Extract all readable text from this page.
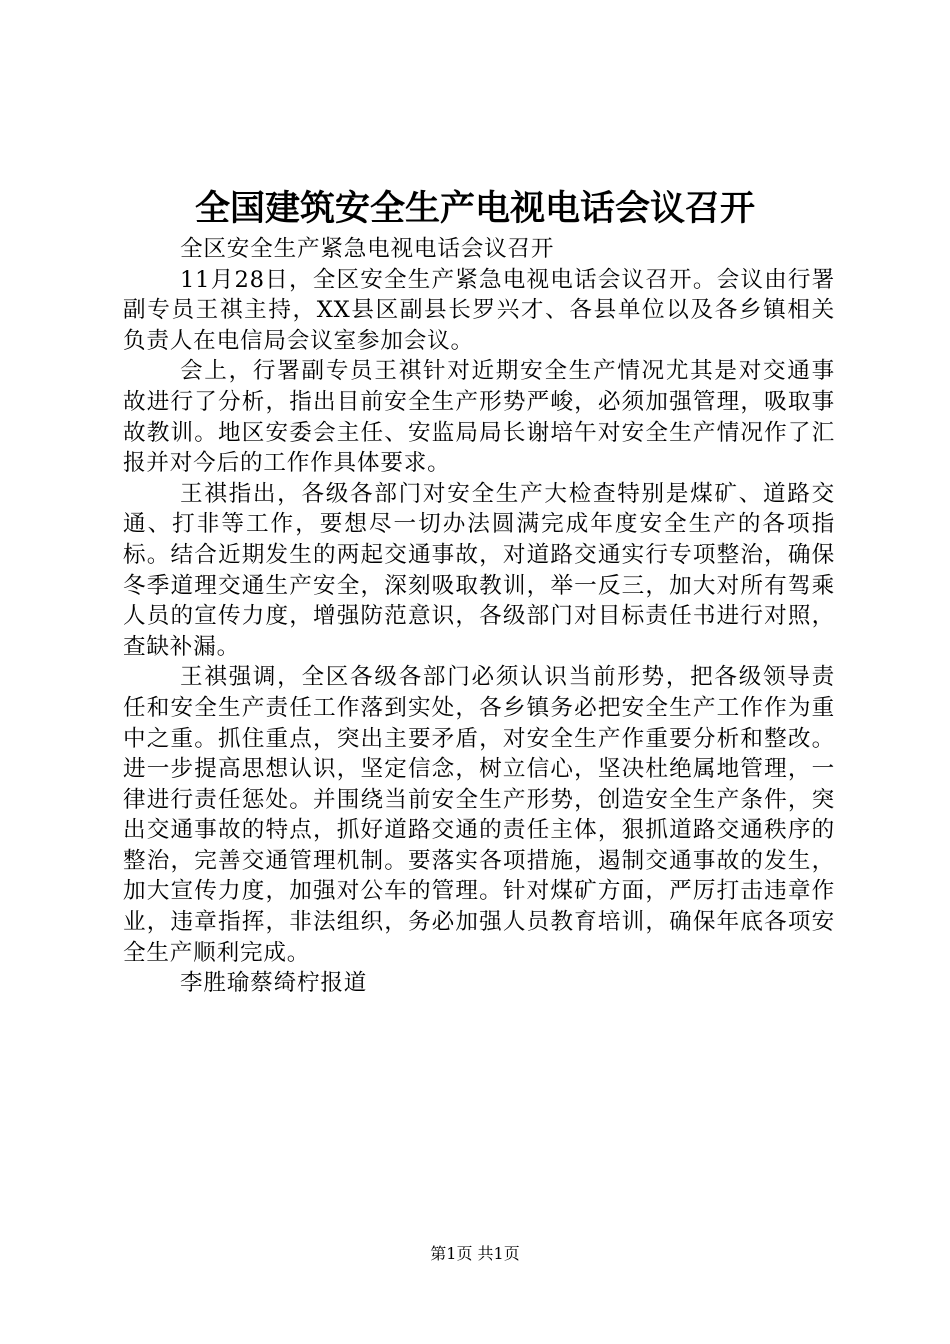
全国建筑安全生产电视电话会议召开

全区安全生产紧急电视电话会议召开

11月28日，全区安全生产紧急电视电话会议召开。会议由行署副专员王祺主持，XX县区副县长罗兴才、各县单位以及各乡镇相关负责人在电信局会议室参加会议。

会上，行署副专员王祺针对近期安全生产情况尤其是对交通事故进行了分析，指出目前安全生产形势严峻，必须加强管理，吸取事故教训。地区安委会主任、安监局局长谢培午对安全生产情况作了汇报并对今后的工作作具体要求。

王祺指出，各级各部门对安全生产大检查特别是煤矿、道路交通、打非等工作，要想尽一切办法圆满完成年度安全生产的各项指标。结合近期发生的两起交通事故，对道路交通实行专项整治，确保冬季道理交通生产安全，深刻吸取教训，举一反三，加大对所有驾乘人员的宣传力度，增强防范意识，各级部门对目标责任书进行对照，查缺补漏。

王祺强调，全区各级各部门必须认识当前形势，把各级领导责任和安全生产责任工作落到实处，各乡镇务必把安全生产工作作为重中之重。抓住重点，突出主要矛盾，对安全生产作重要分析和整改。进一步提高思想认识，坚定信念，树立信心，坚决杜绝属地管理，一律进行责任惩处。并围绕当前安全生产形势，创造安全生产条件，突出交通事故的特点，抓好道路交通的责任主体，狠抓道路交通秩序的整治，完善交通管理机制。要落实各项措施，遏制交通事故的发生，加大宣传力度，加强对公车的管理。针对煤矿方面，严厉打击违章作业，违章指挥，非法组织，务必加强人员教育培训，确保年底各项安全生产顺利完成。

李胜瑜蔡绮柠报道

第1页 共1页
